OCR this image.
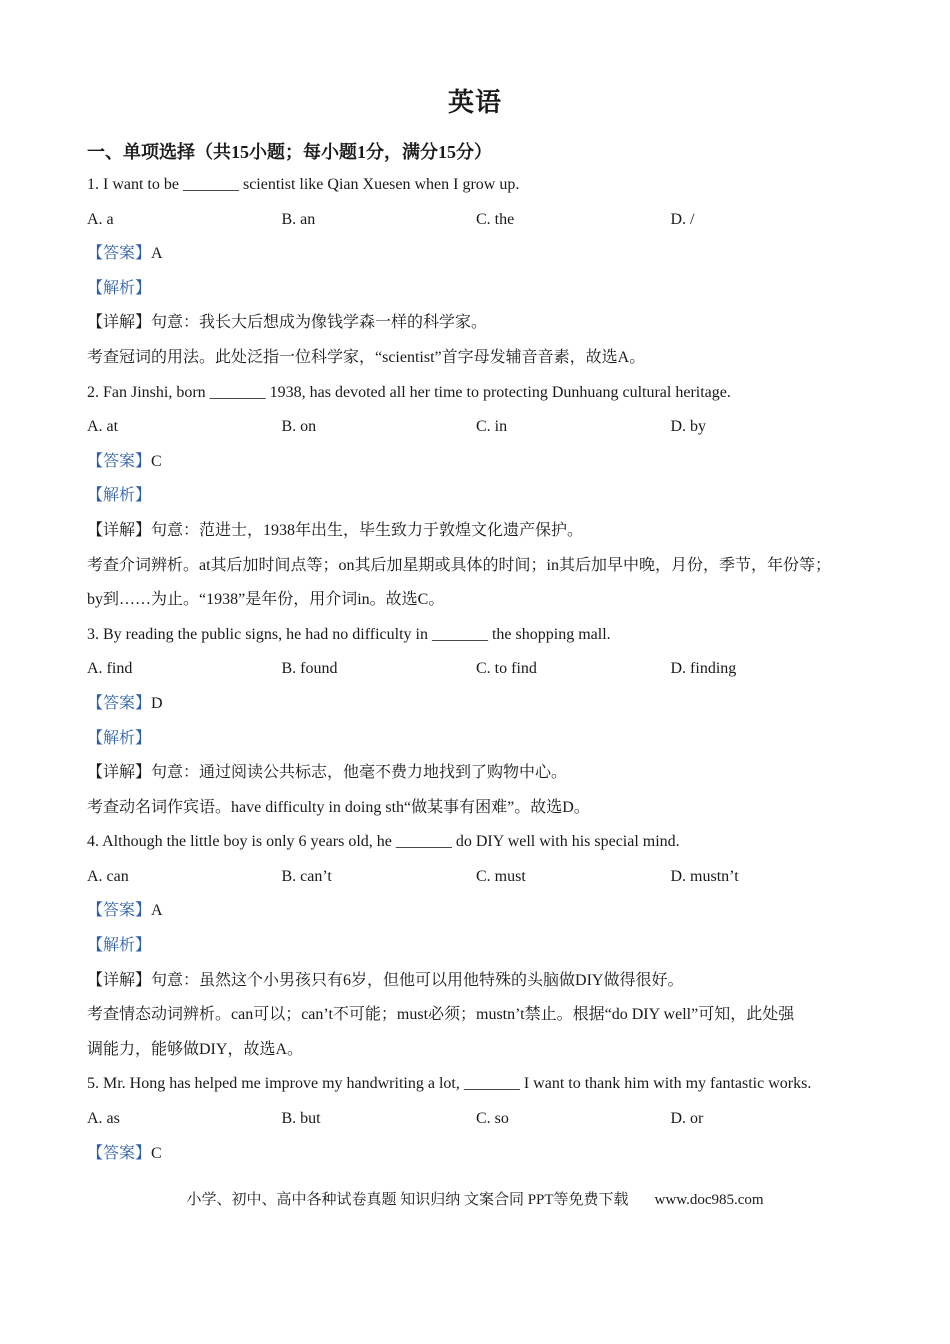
英语
一、单项选择（共15小题；每小题1分，满分15分）
1. I want to be _______ scientist like Qian Xuesen when I grow up.
A. a	B. an	C. the	D. /
【答案】A
【解析】
【详解】句意：我长大后想成为像钱学森一样的科学家。
考查冠词的用法。此处泛指一位科学家，“scientist”首字母发辅音音素，故选A。
2. Fan Jinshi, born _______ 1938, has devoted all her time to protecting Dunhuang cultural heritage.
A. at	B. on	C. in	D. by
【答案】C
【解析】
【详解】句意：范进士，1938年出生，毕生致力于敦煌文化遗产保护。
考查介词辨析。at其后加时间点等；on其后加星期或具体的时间；in其后加早中晚，月份，季节，年份等；
by到……为止。“1938”是年份，用介词in。故选C。
3. By reading the public signs, he had no difficulty in _______ the shopping mall.
A. find	B. found	C. to find	D. finding
【答案】D
【解析】
【详解】句意：通过阅读公共标志，他毫不费力地找到了购物中心。
考查动名词作宾语。have difficulty in doing sth“做某事有困难”。故选D。
4. Although the little boy is only 6 years old, he _______ do DIY well with his special mind.
A. can	B. can’t	C. must	D. mustn’t
【答案】A
【解析】
【详解】句意：虽然这个小男孩只有6岁，但他可以用他特殊的头脑做DIY做得很好。
考查情态动词辨析。can可以；can’t不可能；must必须；mustn’t禁止。根据“do DIY well”可知，此处强
调能力，能够做DIY，故选A。
5. Mr. Hong has helped me improve my handwriting a lot, _______ I want to thank him with my fantastic works.
A. as	B. but	C. so	D. or
【答案】C
小学、初中、高中各种试卷真题 知识归纳 文案合同 PPT等免费下载 www.doc985.com
